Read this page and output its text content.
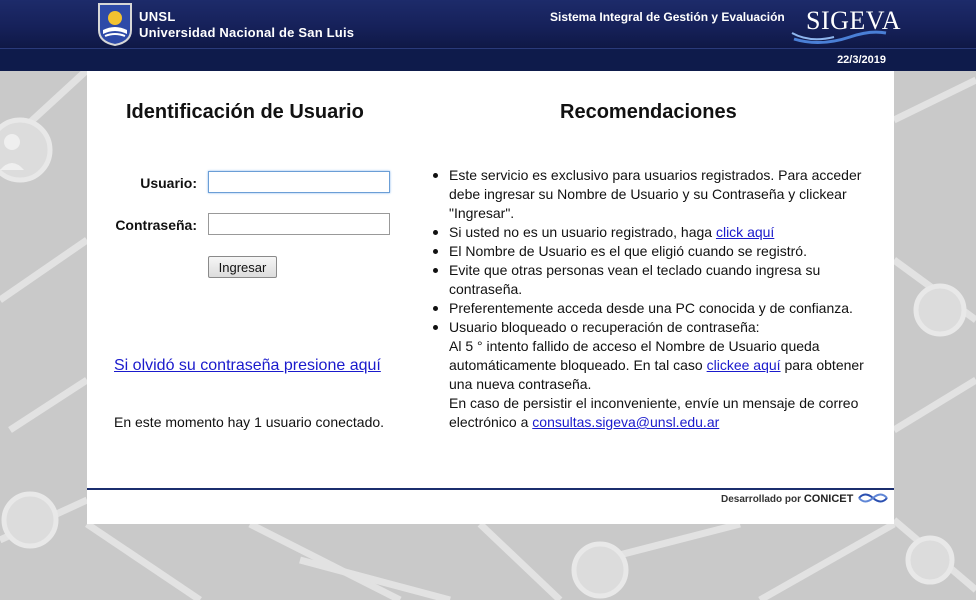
UNSL
Universidad Nacional de San Luis
Sistema Integral de Gestión y Evaluación SIGEVA
22/3/2019
Identificación de Usuario	Recomendaciones
Usuario:
Contraseña:
Ingresar
Si olvidó su contraseña presione aquí
En este momento hay 1 usuario conectado.
Este servicio es exclusivo para usuarios registrados. Para acceder debe ingresar su Nombre de Usuario y su Contraseña y clickear "Ingresar".
Si usted no es un usuario registrado, haga click aquí
El Nombre de Usuario es el que eligió cuando se registró.
Evite que otras personas vean el teclado cuando ingresa su contraseña.
Preferentemente acceda desde una PC conocida y de confianza.
Usuario bloqueado o recuperación de contraseña:
Al 5 ° intento fallido de acceso el Nombre de Usuario queda automáticamente bloqueado. En tal caso clickee aquí para obtener una nueva contraseña.
En caso de persistir el inconveniente, envíe un mensaje de correo electrónico a consultas.sigeva@unsl.edu.ar
Desarrollado por CONICET
